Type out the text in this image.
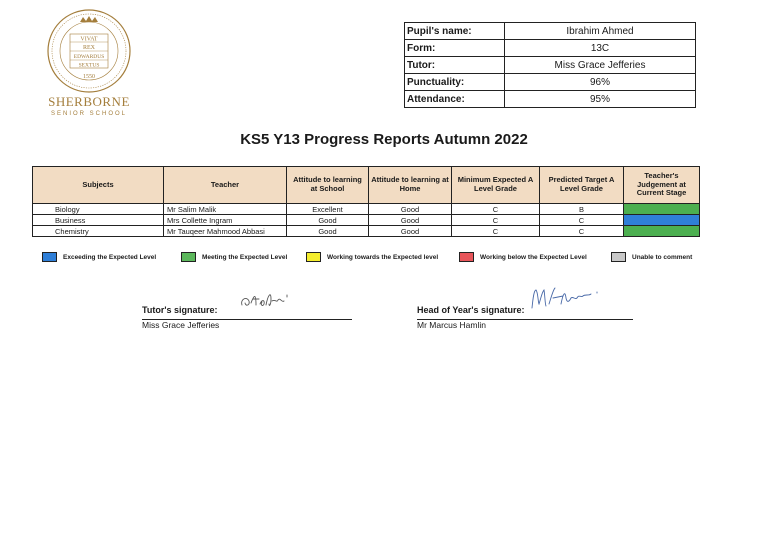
VIVAT
REX
EDWARDUS
SEXTUS
1550
SHERBORNE
SENIOR SCHOOL
Pupil's name:	Ibrahim Ahmed
Form:	13C
Tutor:	Miss Grace Jefferies
Punctuality:	96%
Attendance:	95%
KS5 Y13 Progress Reports Autumn 2022
Subjects	Teacher	Attitude to learning at School	Attitude to learning at Home	Minimum Expected A Level Grade	Predicted Target A Level Grade	Teacher's Judgement at Current Stage
Biology	Mr Salim Malik	Excellent	Good	C	B	
Business	Mrs Collette Ingram	Good	Good	C	C	
Chemistry	Mr Tauqeer Mahmood Abbasi	Good	Good	C	C	
Exceeding the Expected Level	Meeting the Expected Level	Working towards the Expected level	Working below the Expected Level	Unable to comment
Tutor's signature:
Miss Grace Jefferies
Head of Year's signature:
Mr Marcus Hamlin
